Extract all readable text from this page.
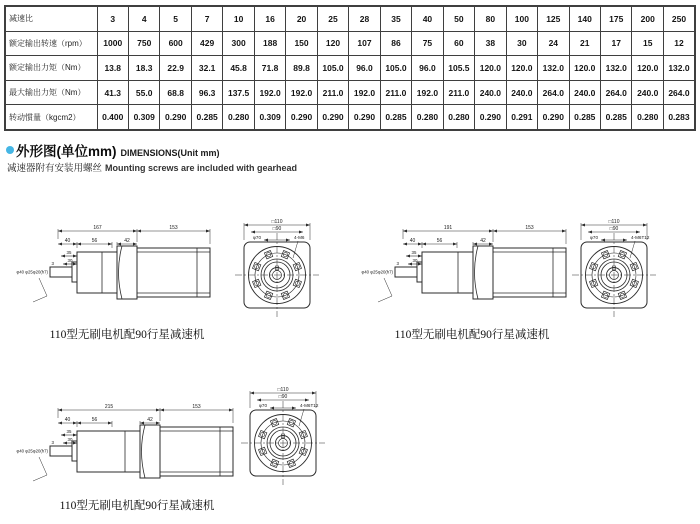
减速比	3	4	5	7	10	16	20	25	28	35	40	50	80	100	125	140	175	200	250
额定输出转速（rpm）	1000	750	600	429	300	188	150	120	107	86	75	60	38	30	24	21	17	15	12
额定输出力矩（Nm）	13.8	18.3	22.9	32.1	45.8	71.8	89.8	105.0	96.0	105.0	96.0	105.5	120.0	120.0	132.0	120.0	132.0	120.0	132.0
最大输出力矩（Nm）	41.3	55.0	68.8	96.3	137.5	192.0	192.0	211.0	192.0	211.0	192.0	211.0	240.0	240.0	264.0	240.0	264.0	240.0	264.0
转动惯量（kgcm2）	0.400	0.309	0.290	0.285	0.280	0.309	0.290	0.290	0.290	0.285	0.280	0.280	0.290	0.291	0.290	0.285	0.285	0.280	0.283
外形图(单位mm) DIMENSIONS(Unit mm)
减速器附有安装用螺丝 Mounting screws are included with gearhead
167	153
40	56	42
35
30
3
φ40 φ25φ20(h7)
□110
□90
φ70	4-M6
191	153
40	56	42
35
30
3
φ40 φ25φ20(h7)
□110
□90
φ70	4-M6T12
215	153
40	56	42
35
30
3
φ40 φ25φ20(h7)
□110
□90
φ70	4-M6T12
110型无刷电机配90行星减速机	110型无刷电机配90行星减速机
110型无刷电机配90行星减速机
